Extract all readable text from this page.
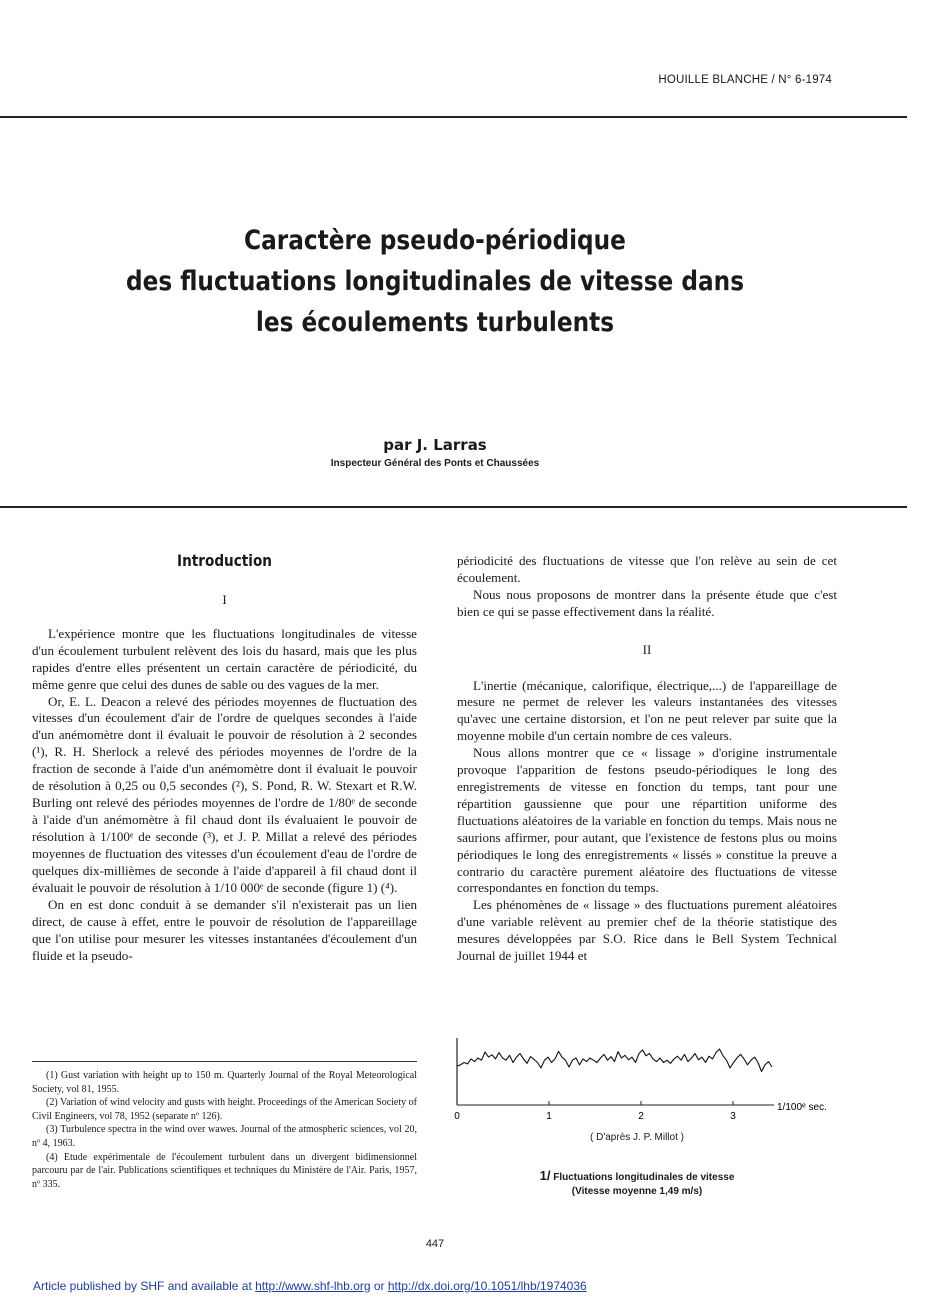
HOUILLE BLANCHE / N° 6-1974
Caractère pseudo-périodique
des fluctuations longitudinales de vitesse dans
les écoulements turbulents
par J. Larras
Inspecteur Général des Ponts et Chaussées
Introduction
I

L'expérience montre que les fluctuations longitudinales de vitesse d'un écoulement turbulent relèvent des lois du hasard, mais que les plus rapides d'entre elles présentent un certain caractère de périodicité, du même genre que celui des dunes de sable ou des vagues de la mer.

Or, E. L. Deacon a relevé des périodes moyennes de fluctuation des vitesses d'un écoulement d'air de l'ordre de quelques secondes à l'aide d'un anémomètre dont il évaluait le pouvoir de résolution à 2 secondes (¹), R. H. Sherlock a relevé des périodes moyennes de l'ordre de la fraction de seconde à l'aide d'un anémomètre dont il évaluait le pouvoir de résolution à 0,25 ou 0,5 secondes (²), S. Pond, R. W. Stexart et R.W. Burling ont relevé des périodes moyennes de l'ordre de 1/80ᵉ de seconde à l'aide d'un anémomètre à fil chaud dont ils évaluaient le pouvoir de résolution à 1/100ᵉ de seconde (³), et J. P. Millat a relevé des périodes moyennes de fluctuation des vitesses d'un écoulement d'eau de l'ordre de quelques dix-millièmes de seconde à l'aide d'appareil à fil chaud dont il évaluait le pouvoir de résolution à 1/10 000ᵉ de seconde (figure 1) (⁴).

On en est donc conduit à se demander s'il n'existerait pas un lien direct, de cause à effet, entre le pouvoir de résolution de l'appareillage que l'on utilise pour mesurer les vitesses instantanées d'écoulement d'un fluide et la pseudo-

(1) Gust variation with height up to 150 m. Quarterly Journal of the Royal Meteorological Society, vol 81, 1955.

(2) Variation of wind velocity and gusts with height. Proceedings of the American Society of Civil Engineers, vol 78, 1952 (separate nº 126).

(3) Turbulence spectra in the wind over wawes. Journal of the atmospheric sciences, vol 20, nº 4, 1963.

(4) Etude expérimentale de l'écoulement turbulent dans un divergent bidimensionnel parcouru par de l'air. Publications scientifiques et techniques du Ministère de l'Air. Paris, 1957, nº 335.

périodicité des fluctuations de vitesse que l'on relève au sein de cet écoulement.

Nous nous proposons de montrer dans la présente étude que c'est bien ce qui se passe effectivement dans la réalité.

II

L'inertie (mécanique, calorifique, électrique,...) de l'appareillage de mesure ne permet de relever les valeurs instantanées des vitesses qu'avec une certaine distorsion, et l'on ne peut relever par suite que la moyenne mobile d'un certain nombre de ces valeurs.

Nous allons montrer que ce « lissage » d'origine instrumentale provoque l'apparition de festons pseudo-périodiques le long des enregistrements de vitesse en fonction du temps, tant pour une répartition gaussienne que pour une répartition uniforme des fluctuations aléatoires de la variable en fonction du temps. Mais nous ne saurions affirmer, pour autant, que l'existence de festons plus ou moins périodiques le long des enregistrements « lissés » constitue la preuve a contrario du caractère purement aléatoire des fluctuations de vitesse correspondantes en fonction du temps.

Les phénomènes de « lissage » des fluctuations purement aléatoires d'une variable relèvent au premier chef de la théorie statistique des mesures développées par S.O. Rice dans le Bell System Technical Journal de juillet 1944 et

0	1	2	3
1/100ᵉ sec.
( D'après J. P. Millot )
1/ Fluctuations longitudinales de vitesse
(Vitesse moyenne 1,49 m/s)
447
Article published by SHF and available at http://www.shf-lhb.org or http://dx.doi.org/10.1051/lhb/1974036
